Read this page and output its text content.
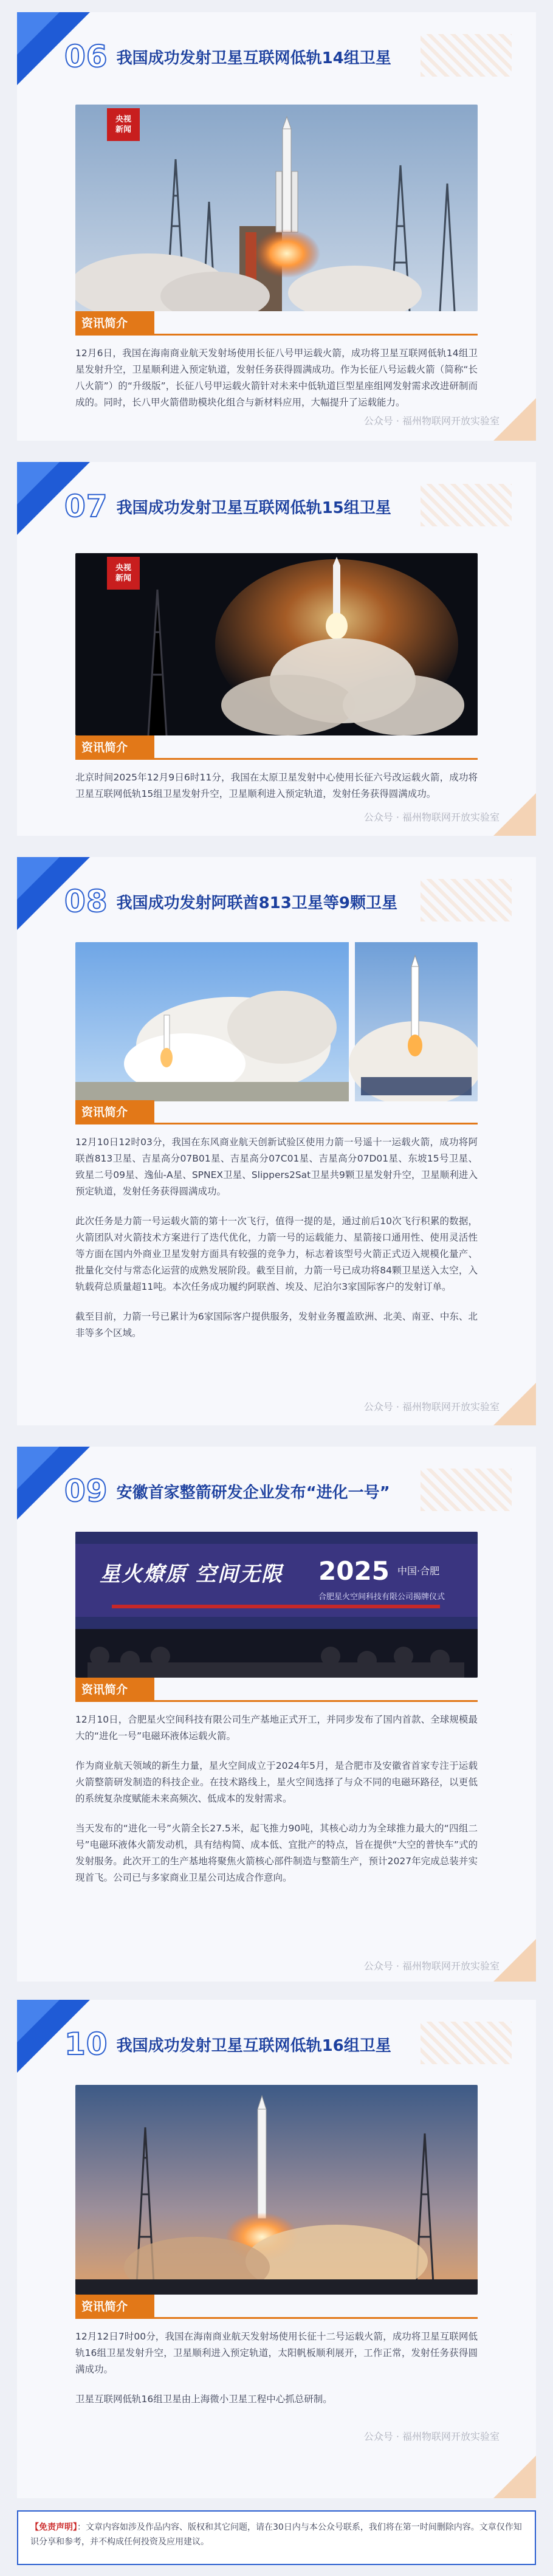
06 我国成功发射卫星互联网低轨14组卫星
央视
新闻
资讯简介

12月6日，我国在海南商业航天发射场使用长征八号甲运载火箭，成功将卫星互联网低轨14组卫星发射升空，卫星顺利进入预定轨道，发射任务获得圆满成功。作为长征八号运载火箭（简称“长八火箭”）的“升级版”，长征八号甲运载火箭针对未来中低轨道巨型星座组网发射需求改进研制而成的。同时，长八甲火箭借助模块化组合与新材料应用，大幅提升了运载能力。

公众号 · 福州物联网开放实验室
07 我国成功发射卫星互联网低轨15组卫星
央视
新闻
资讯简介

北京时间2025年12月9日6时11分，我国在太原卫星发射中心使用长征六号改运载火箭，成功将卫星互联网低轨15组卫星发射升空，卫星顺利进入预定轨道，发射任务获得圆满成功。

公众号 · 福州物联网开放实验室
08 我国成功发射阿联酋813卫星等9颗卫星
资讯简介

12月10日12时03分，我国在东风商业航天创新试验区使用力箭一号遥十一运载火箭，成功将阿联酋813卫星、吉星高分07B01星、吉星高分07C01星、吉星高分07D01星、东坡15号卫星、致星二号09星、逸仙-A星、SPNEX卫星、Slippers2Sat卫星共9颗卫星发射升空，卫星顺利进入预定轨道，发射任务获得圆满成功。

此次任务是力箭一号运载火箭的第十一次飞行，值得一提的是，通过前后10次飞行积累的数据，火箭团队对火箭技术方案进行了迭代优化，力箭一号的运载能力、星箭接口通用性、使用灵活性等方面在国内外商业卫星发射方面具有较强的竞争力，标志着该型号火箭正式迈入规模化量产、批量化交付与常态化运营的成熟发展阶段。截至目前，力箭一号已成功将84颗卫星送入太空，入轨载荷总质量超11吨。本次任务成功履约阿联酋、埃及、尼泊尔3家国际客户的发射订单。

截至目前，力箭一号已累计为6家国际客户提供服务，发射业务覆盖欧洲、北美、南亚、中东、北非等多个区域。

公众号 · 福州物联网开放实验室
09 安徽首家整箭研发企业发布“进化一号”
星火燎原 空间无限 2025 中国·合肥
合肥星火空间科技有限公司揭牌仪式
资讯简介

12月10日，合肥星火空间科技有限公司生产基地正式开工，并同步发布了国内首款、全球规模最大的“进化一号”电磁环液体运载火箭。

作为商业航天领域的新生力量，星火空间成立于2024年5月，是合肥市及安徽省首家专注于运载火箭整箭研发制造的科技企业。在技术路线上，星火空间选择了与众不同的电磁环路径，以更低的系统复杂度赋能未来高频次、低成本的发射需求。

当天发布的“进化一号”火箭全长27.5米，起飞推力90吨，其核心动力为全球推力最大的“四组二号”电磁环液体火箭发动机，具有结构简、成本低、宜批产的特点，旨在提供“大空的普快车”式的发射服务。此次开工的生产基地将聚焦火箭核心部件制造与整箭生产，预计2027年完成总装并实现首飞。公司已与多家商业卫星公司达成合作意向。

公众号 · 福州物联网开放实验室
10 我国成功发射卫星互联网低轨16组卫星
资讯简介

12月12日7时00分，我国在海南商业航天发射场使用长征十二号运载火箭，成功将卫星互联网低轨16组卫星发射升空，卫星顺利进入预定轨道，太阳帆板顺利展开，工作正常，发射任务获得圆满成功。

卫星互联网低轨16组卫星由上海微小卫星工程中心抓总研制。

公众号 · 福州物联网开放实验室
【免责声明】：文章内容如涉及作品内容、版权和其它问题，请在30日内与本公众号联系，我们将在第一时间删除内容。文章仅作知识分享和参考，并不构成任何投资及应用建议。
